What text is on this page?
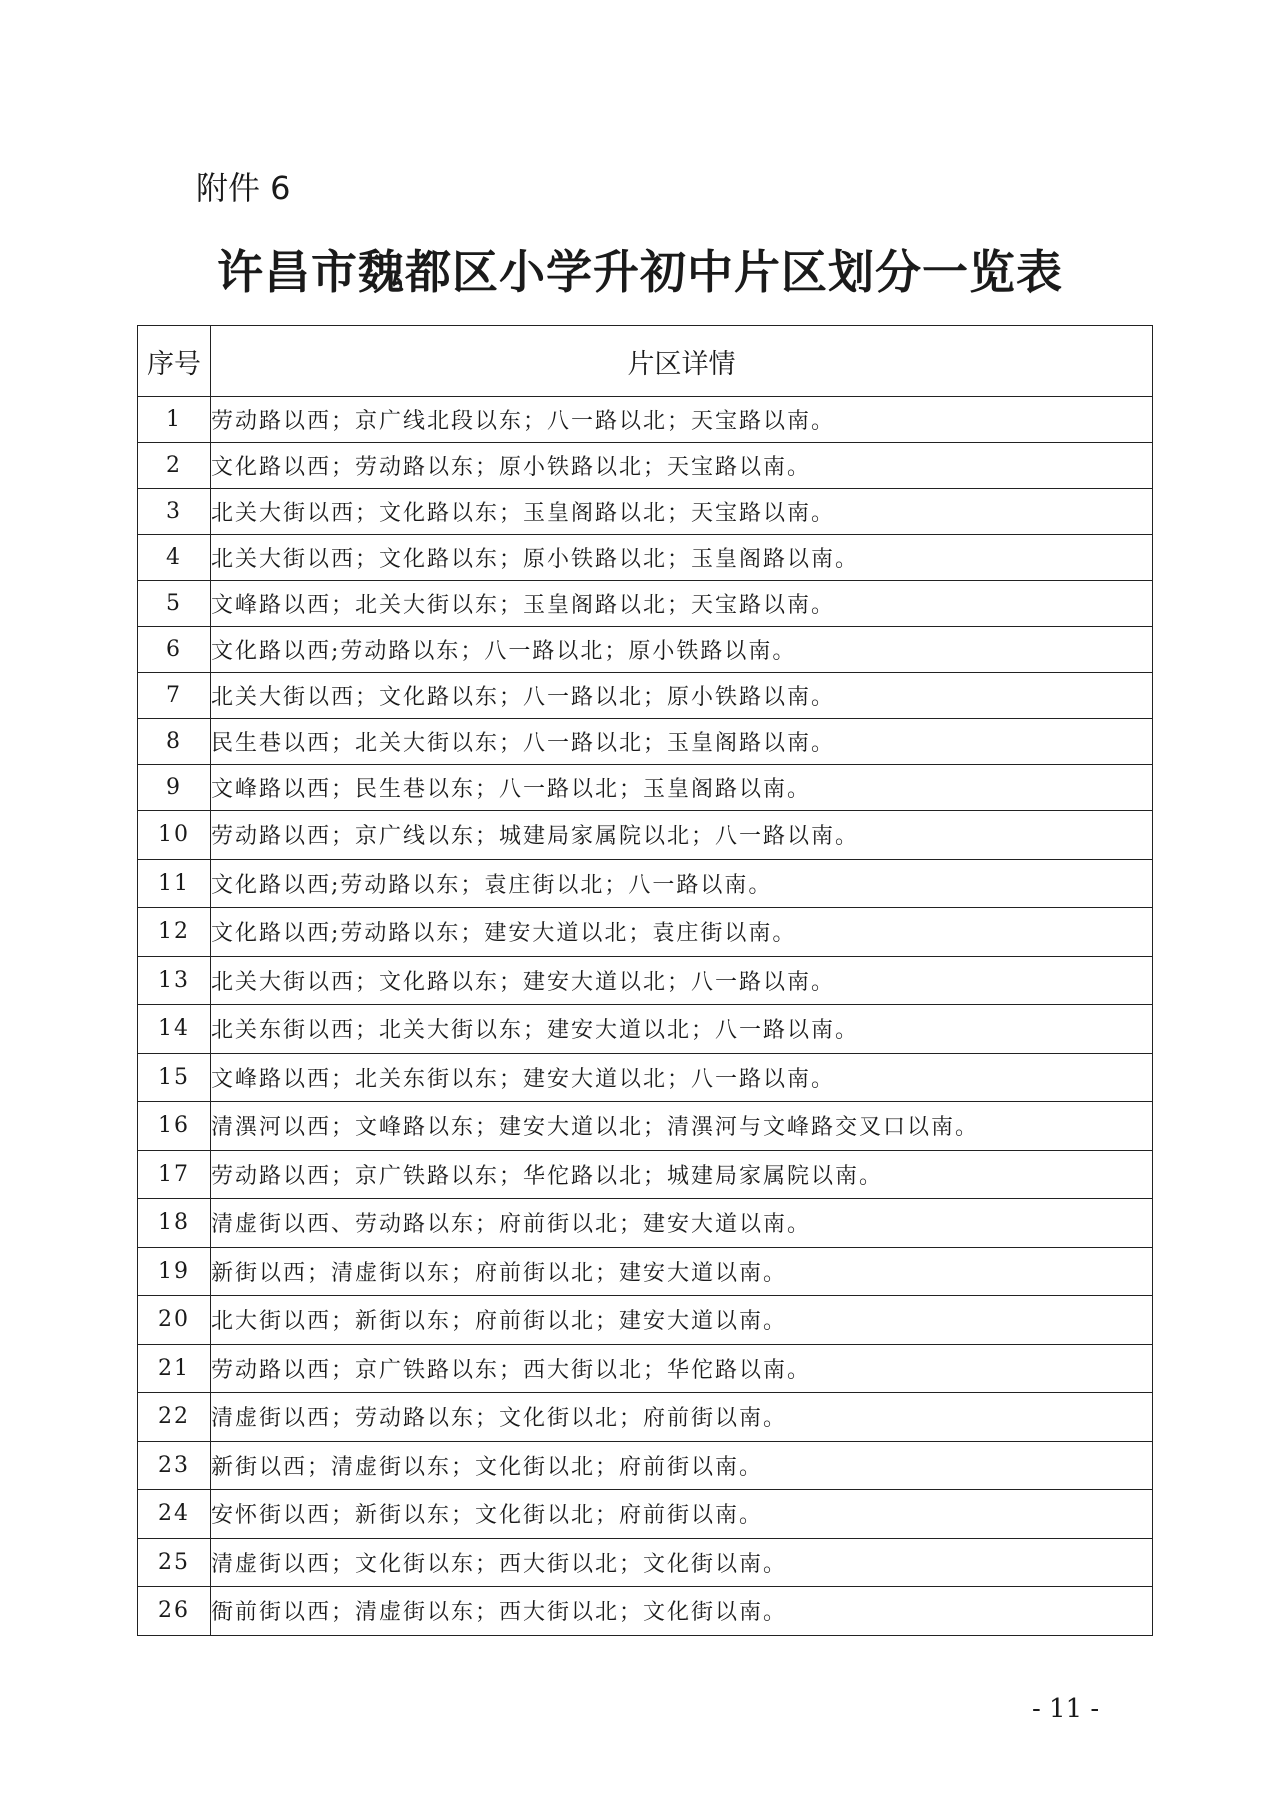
附件 6

许昌市魏都区小学升初中片区划分一览表
序号	片区详情
1	劳动路以西；京广线北段以东；八一路以北；天宝路以南。
2	文化路以西；劳动路以东；原小铁路以北；天宝路以南。
3	北关大街以西；文化路以东；玉皇阁路以北；天宝路以南。
4	北关大街以西；文化路以东；原小铁路以北；玉皇阁路以南。
5	文峰路以西；北关大街以东；玉皇阁路以北；天宝路以南。
6	文化路以西;劳动路以东；八一路以北；原小铁路以南。
7	北关大街以西；文化路以东；八一路以北；原小铁路以南。
8	民生巷以西；北关大街以东；八一路以北；玉皇阁路以南。
9	文峰路以西；民生巷以东；八一路以北；玉皇阁路以南。
10	劳动路以西；京广线以东；城建局家属院以北；八一路以南。
11	文化路以西;劳动路以东；袁庄街以北；八一路以南。
12	文化路以西;劳动路以东；建安大道以北；袁庄街以南。
13	北关大街以西；文化路以东；建安大道以北；八一路以南。
14	北关东街以西；北关大街以东；建安大道以北；八一路以南。
15	文峰路以西；北关东街以东；建安大道以北；八一路以南。
16	清潩河以西；文峰路以东；建安大道以北；清潩河与文峰路交叉口以南。
17	劳动路以西；京广铁路以东；华佗路以北；城建局家属院以南。
18	清虚街以西、劳动路以东；府前街以北；建安大道以南。
19	新街以西；清虚街以东；府前街以北；建安大道以南。
20	北大街以西；新街以东；府前街以北；建安大道以南。
21	劳动路以西；京广铁路以东；西大街以北；华佗路以南。
22	清虚街以西；劳动路以东；文化街以北；府前街以南。
23	新街以西；清虚街以东；文化街以北；府前街以南。
24	安怀街以西；新街以东；文化街以北；府前街以南。
25	清虚街以西；文化街以东；西大街以北；文化街以南。
26	衙前街以西；清虚街以东；西大街以北；文化街以南。

- 11 -
